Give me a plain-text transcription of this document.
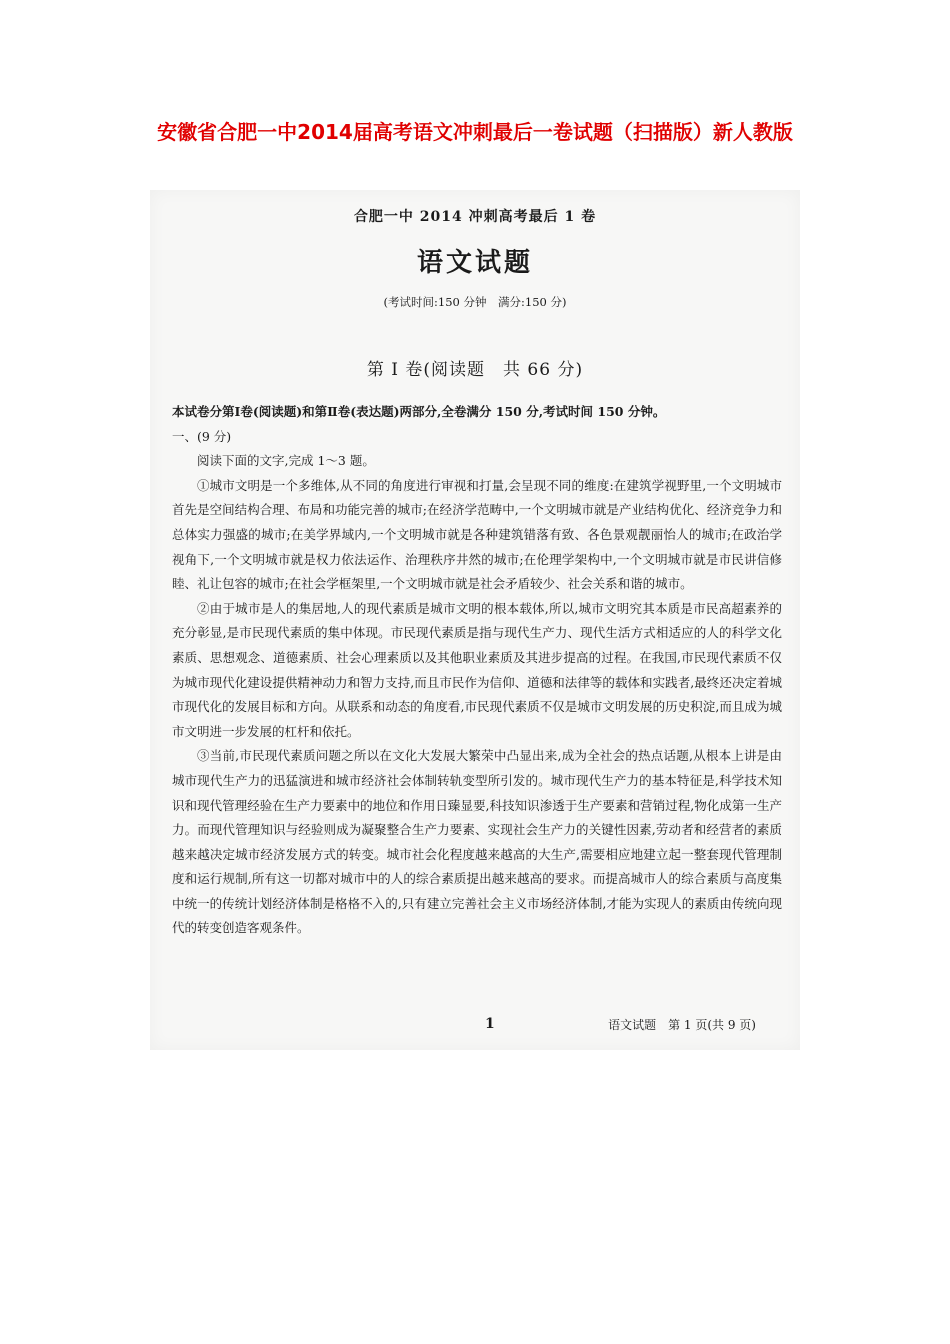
安徽省合肥一中2014届高考语文冲刺最后一卷试题（扫描版）新人教版
合肥一中 2014 冲刺高考最后 1 卷
语文试题
(考试时间:150 分钟　满分:150 分)
第 Ⅰ 卷(阅读题　共 66 分)

本试卷分第Ⅰ卷(阅读题)和第Ⅱ卷(表达题)两部分,全卷满分 150 分,考试时间 150 分钟。

一、(9 分)

阅读下面的文字,完成 1～3 题。

①城市文明是一个多维体,从不同的角度进行审视和打量,会呈现不同的维度:在建筑学视野里,一个文明城市首先是空间结构合理、布局和功能完善的城市;在经济学范畴中,一个文明城市就是产业结构优化、经济竞争力和总体实力强盛的城市;在美学界域内,一个文明城市就是各种建筑错落有致、各色景观靓丽怡人的城市;在政治学视角下,一个文明城市就是权力依法运作、治理秩序井然的城市;在伦理学架构中,一个文明城市就是市民讲信修睦、礼让包容的城市;在社会学框架里,一个文明城市就是社会矛盾较少、社会关系和谐的城市。

②由于城市是人的集居地,人的现代素质是城市文明的根本载体,所以,城市文明究其本质是市民高超素养的充分彰显,是市民现代素质的集中体现。市民现代素质是指与现代生产力、现代生活方式相适应的人的科学文化素质、思想观念、道德素质、社会心理素质以及其他职业素质及其进步提高的过程。在我国,市民现代素质不仅为城市现代化建设提供精神动力和智力支持,而且市民作为信仰、道德和法律等的载体和实践者,最终还决定着城市现代化的发展目标和方向。从联系和动态的角度看,市民现代素质不仅是城市文明发展的历史积淀,而且成为城市文明进一步发展的杠杆和依托。

③当前,市民现代素质问题之所以在文化大发展大繁荣中凸显出来,成为全社会的热点话题,从根本上讲是由城市现代生产力的迅猛演进和城市经济社会体制转轨变型所引发的。城市现代生产力的基本特征是,科学技术知识和现代管理经验在生产力要素中的地位和作用日臻显要,科技知识渗透于生产要素和营销过程,物化成第一生产力。而现代管理知识与经验则成为凝聚整合生产力要素、实现社会生产力的关键性因素,劳动者和经营者的素质越来越决定城市经济发展方式的转变。城市社会化程度越来越高的大生产,需要相应地建立起一整套现代管理制度和运行规制,所有这一切都对城市中的人的综合素质提出越来越高的要求。而提高城市人的综合素质与高度集中统一的传统计划经济体制是格格不入的,只有建立完善社会主义市场经济体制,才能为实现人的素质由传统向现代的转变创造客观条件。

1	语文试题　第 1 页(共 9 页)
